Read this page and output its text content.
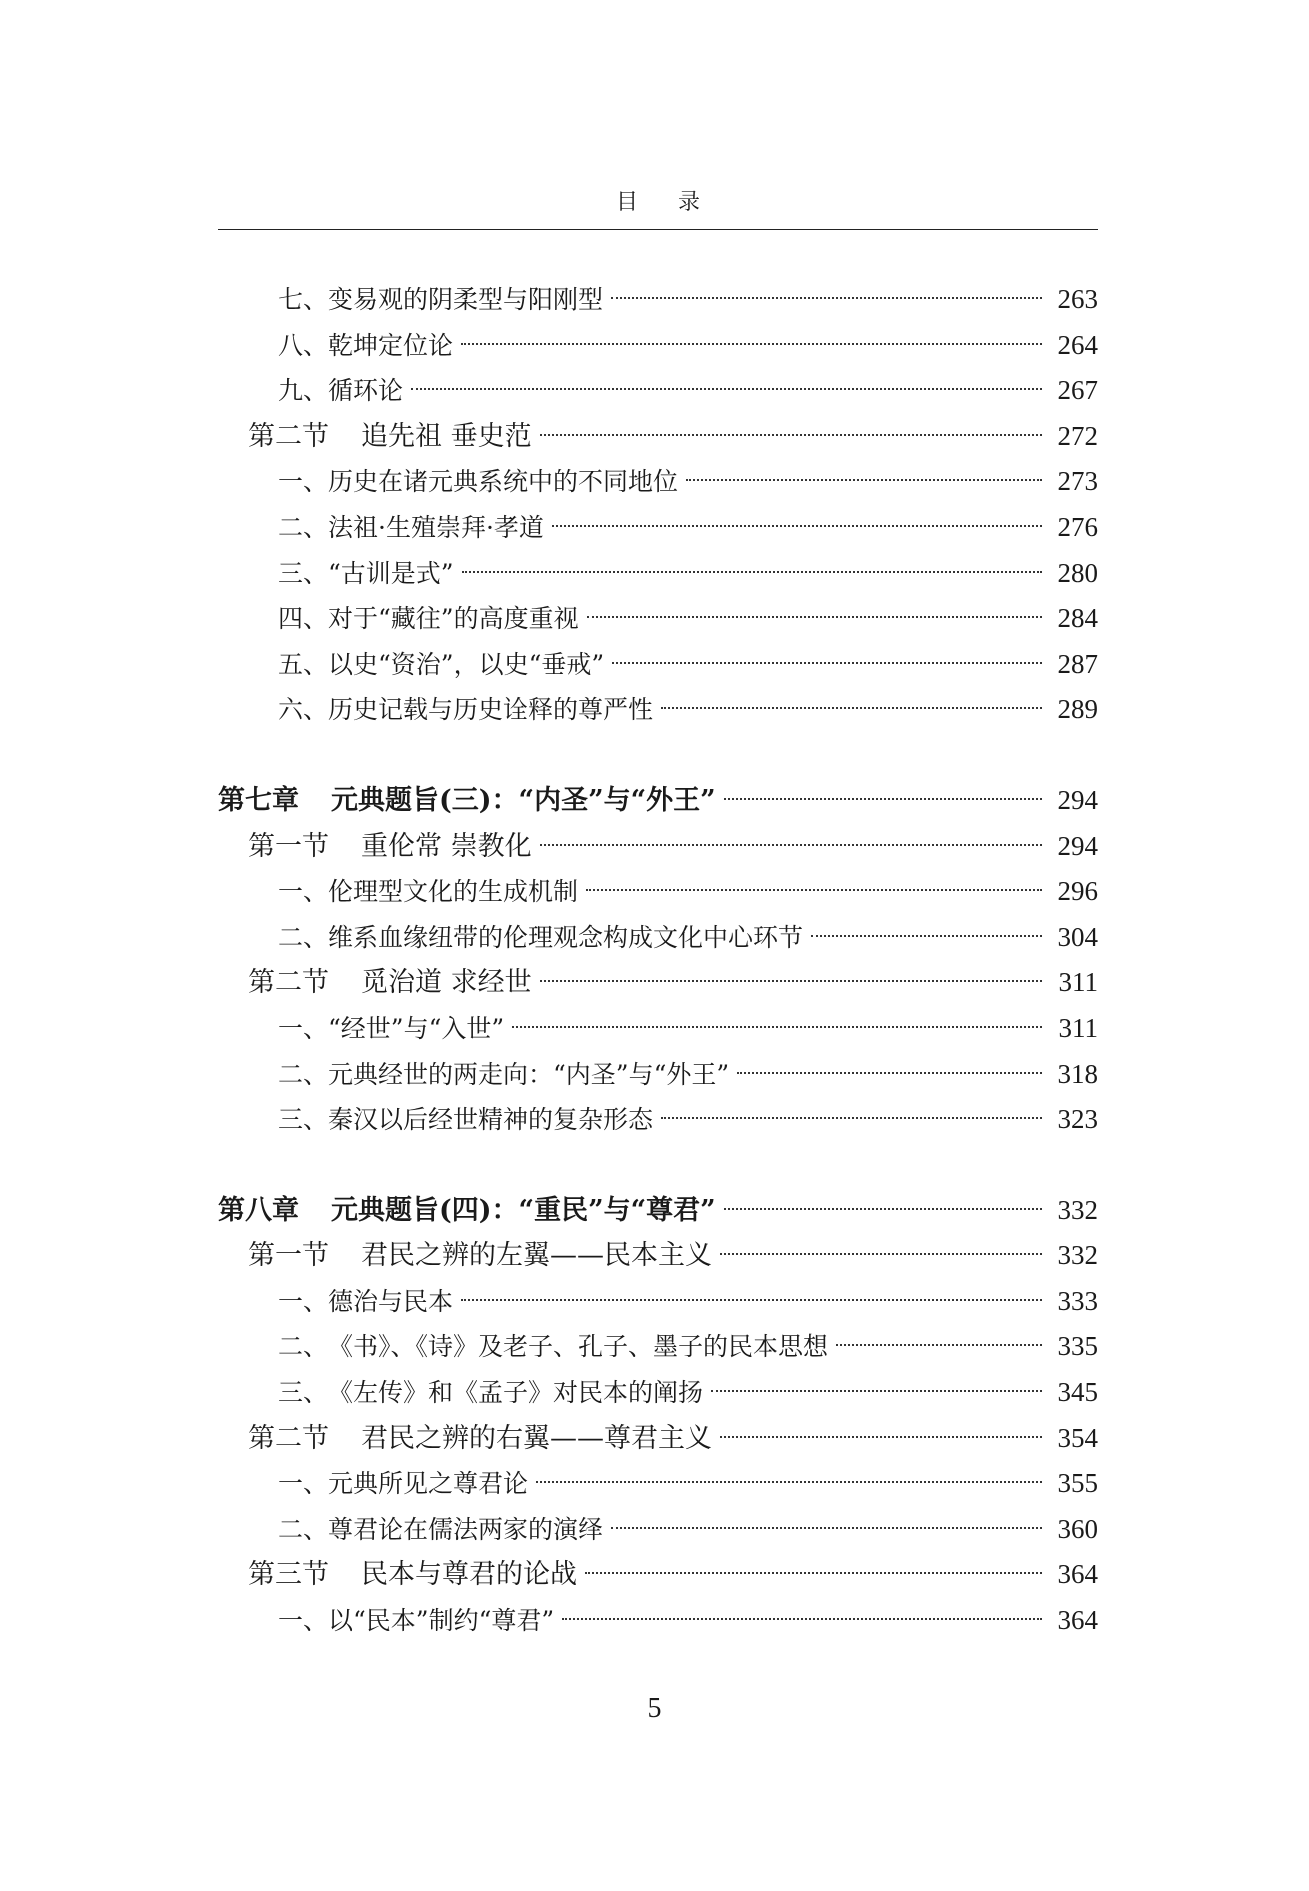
目录
七、 变易观的阴柔型与阳刚型	263
八、 乾坤定位论	264
九、 循环论	267
第二节 追先祖 垂史范	272
一、 历史在诸元典系统中的不同地位	273
二、 法祖·生殖崇拜·孝道	276
三、 “古训是式”	280
四、 对于“藏往”的高度重视	284
五、 以史“资治”，以史“垂戒”	287
六、 历史记载与历史诠释的尊严性	289
第七章 元典题旨(三)：“内圣”与“外王”	294
第一节 重伦常 崇教化	294
一、 伦理型文化的生成机制	296
二、 维系血缘纽带的伦理观念构成文化中心环节	304
第二节 觅治道 求经世	311
一、 “经世”与“入世”	311
二、 元典经世的两走向：“内圣”与“外王”	318
三、 秦汉以后经世精神的复杂形态	323
第八章 元典题旨(四)：“重民”与“尊君”	332
第一节 君民之辨的左翼——民本主义	332
一、 德治与民本	333
二、 《书》、《诗》及老子、孔子、墨子的民本思想	335
三、 《左传》和《孟子》对民本的阐扬	345
第二节 君民之辨的右翼——尊君主义	354
一、 元典所见之尊君论	355
二、 尊君论在儒法两家的演绎	360
第三节 民本与尊君的论战	364
一、 以“民本”制约“尊君”	364
5
